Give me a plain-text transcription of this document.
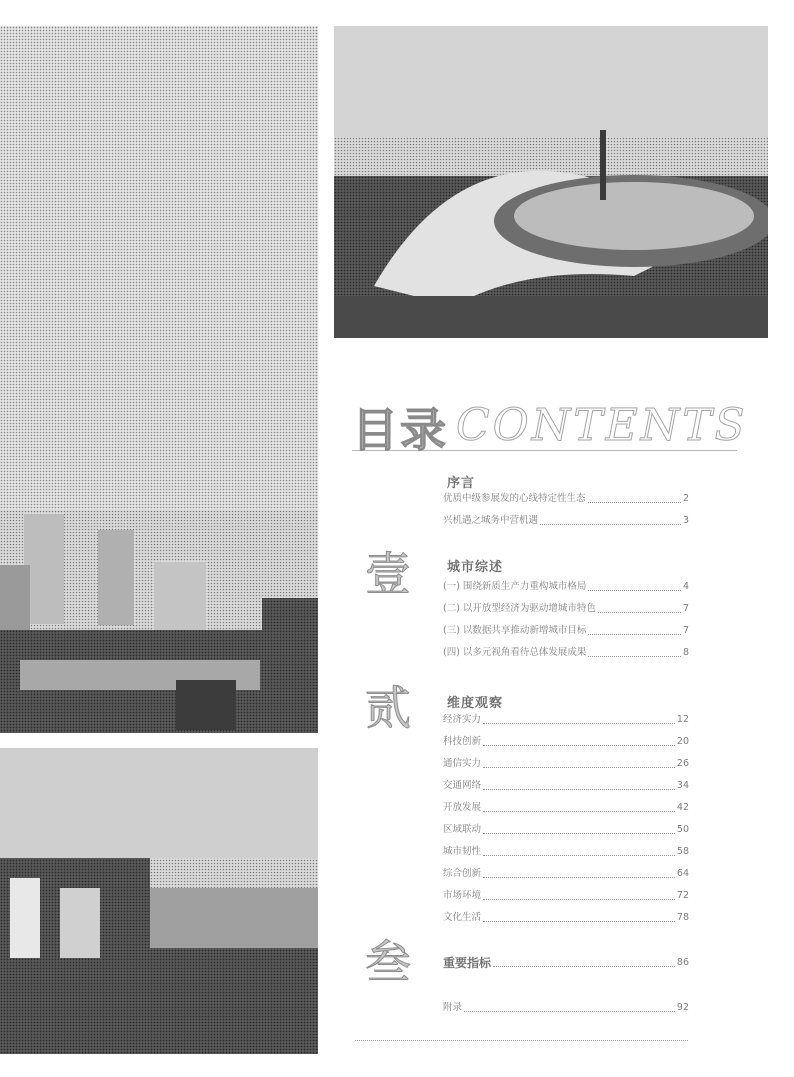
目录 CONTENTS
序言
优质中级参展发的心线特定性生态	2
兴机遇之城务中营机遇	3
壹	城市综述
(一) 围绕新质生产力重构城市格局	4
(二) 以开放型经济为驱动增城市特色	7
(三) 以数据共享推动新增城市目标	7
(四) 以多元视角看待总体发展成果	8
贰	维度观察
经济实力	12
科技创新	20
通信实力	26
交通网络	34
开放发展	42
区域联动	50
城市韧性	58
综合创新	64
市场环境	72
文化生活	78
叁	重要指标	86
附录	92
